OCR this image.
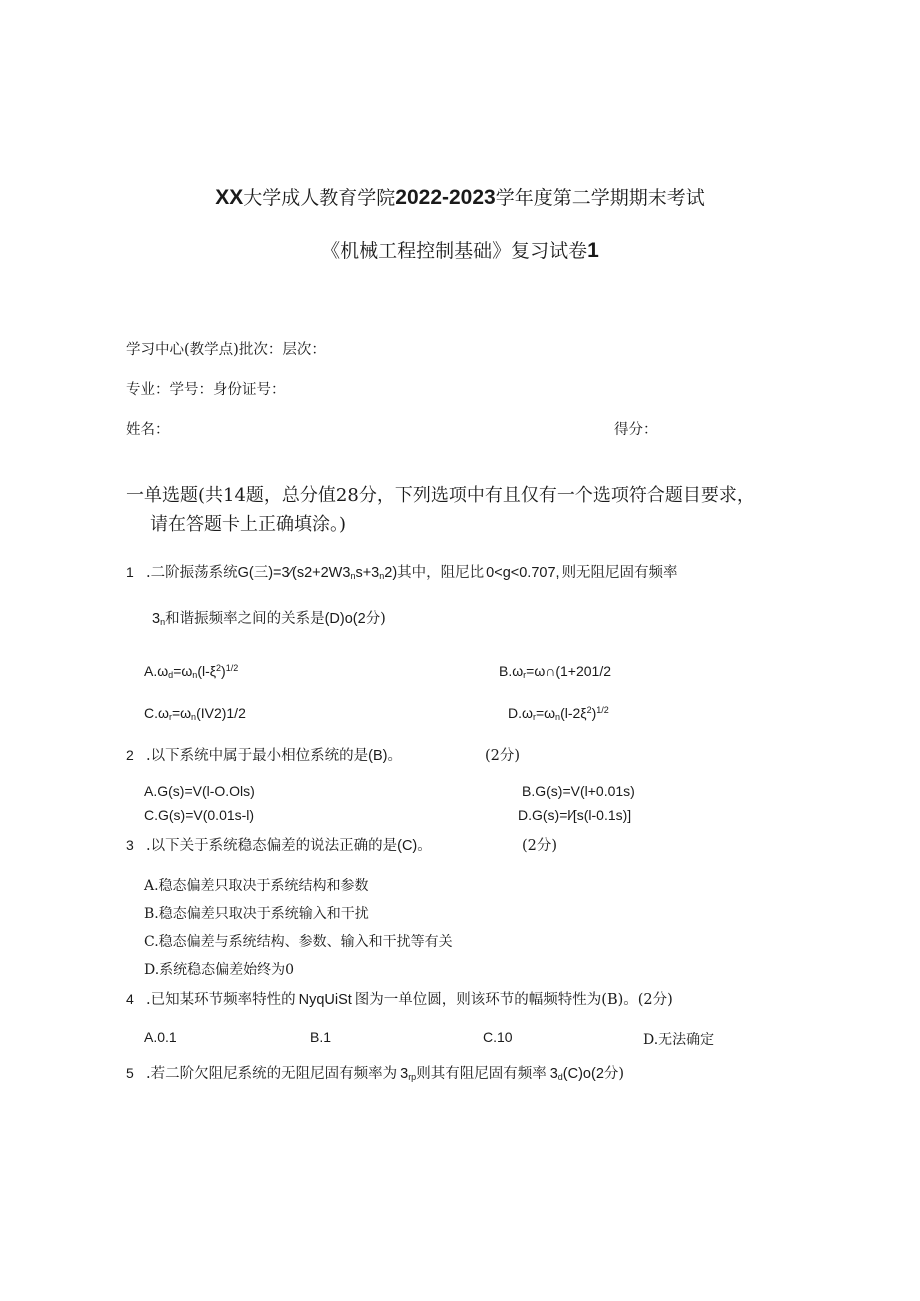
XX大学成人教育学院2022-2023学年度第二学期期末考试
《机械工程控制基础》复习试卷1
学习中心(教学点)批次：层次：
专业：学号：身份证号：
姓名：	得分：
一单选题(共14题，总分值28分，下列选项中有且仅有一个选项符合题目要求，
请在答题卡上正确填涂。)
1 .二阶振荡系统G(三)$=3∕(s2+2W3_ns+3_n2)$其中，阻尼比 0<g<0.707, 则无阻尼固有频率
$3_n$和谐振频率之间的关系是(D)o(2分)
$A.\omega_d=\omega_n(l-\xi^2)^{1/2}$	$B.\omega_r=\omega\cap(1+201/2$
$C.\omega_r=\omega_n(IV2)1/2$	$D.\omega_r=\omega_n(l-2\xi^2)^{1/2}$
2 .以下系统中属于最小相位系统的是(B)。	(2分)
A.G(s)=V(l-O.Ols)	B.G(s)=V(l+0.01s)
C.G(s)=V(0.01s-l)	D.G(s)=l∕[s(l-0.1s)]
3 .以下关于系统稳态偏差的说法正确的是(C)。	(2分)
A.稳态偏差只取决于系统结构和参数
B.稳态偏差只取决于系统输入和干扰
C.稳态偏差与系统结构、参数、输入和干扰等有关
D.系统稳态偏差始终为0
4 .已知某环节频率特性的 NyqUiSt 图为一单位圆，则该环节的幅频特性为(B)。(2分)
A.0.1	B.1	C.10	D.无法确定
5 .若二阶欠阻尼系统的无阻尼固有频率为 $3_{rp}$则其有阻尼固有频率 $3_d(C)o(2$分)
